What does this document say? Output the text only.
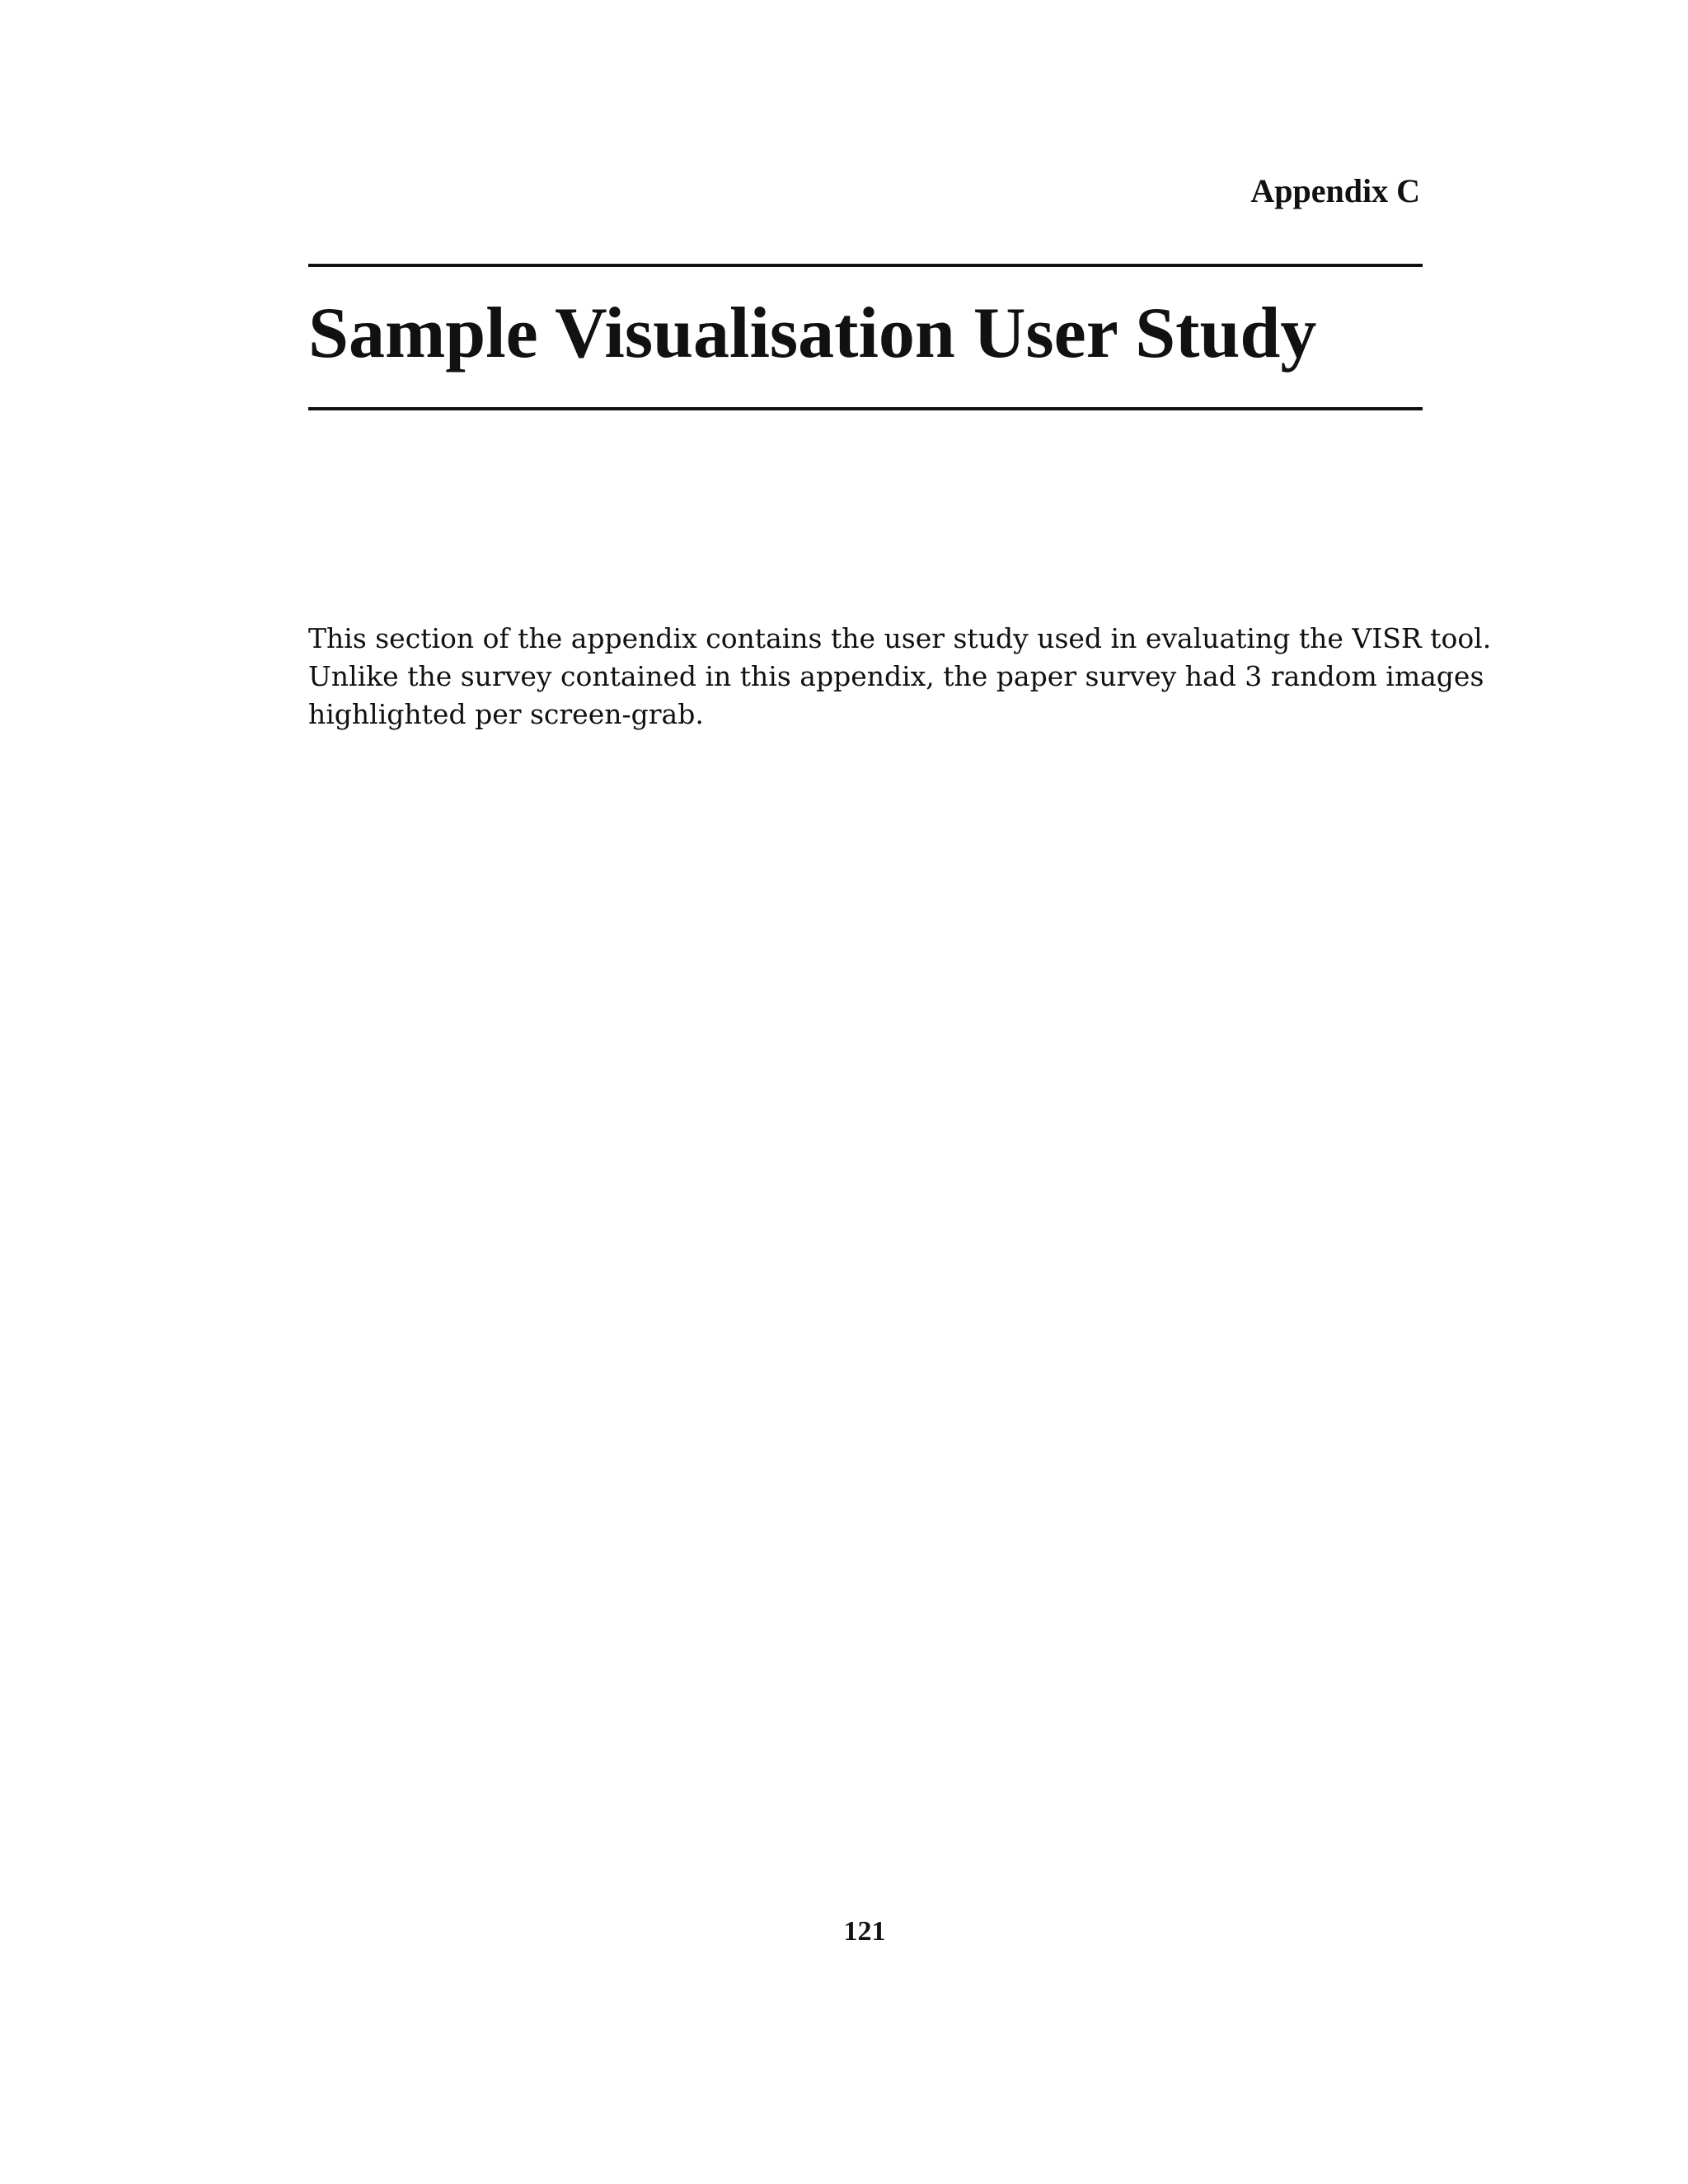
Appendix C
Sample Visualisation User Study

This section of the appendix contains the user study used in evaluating the VISR tool.
Unlike the survey contained in this appendix, the paper survey had 3 random images
highlighted per screen-grab.

121
